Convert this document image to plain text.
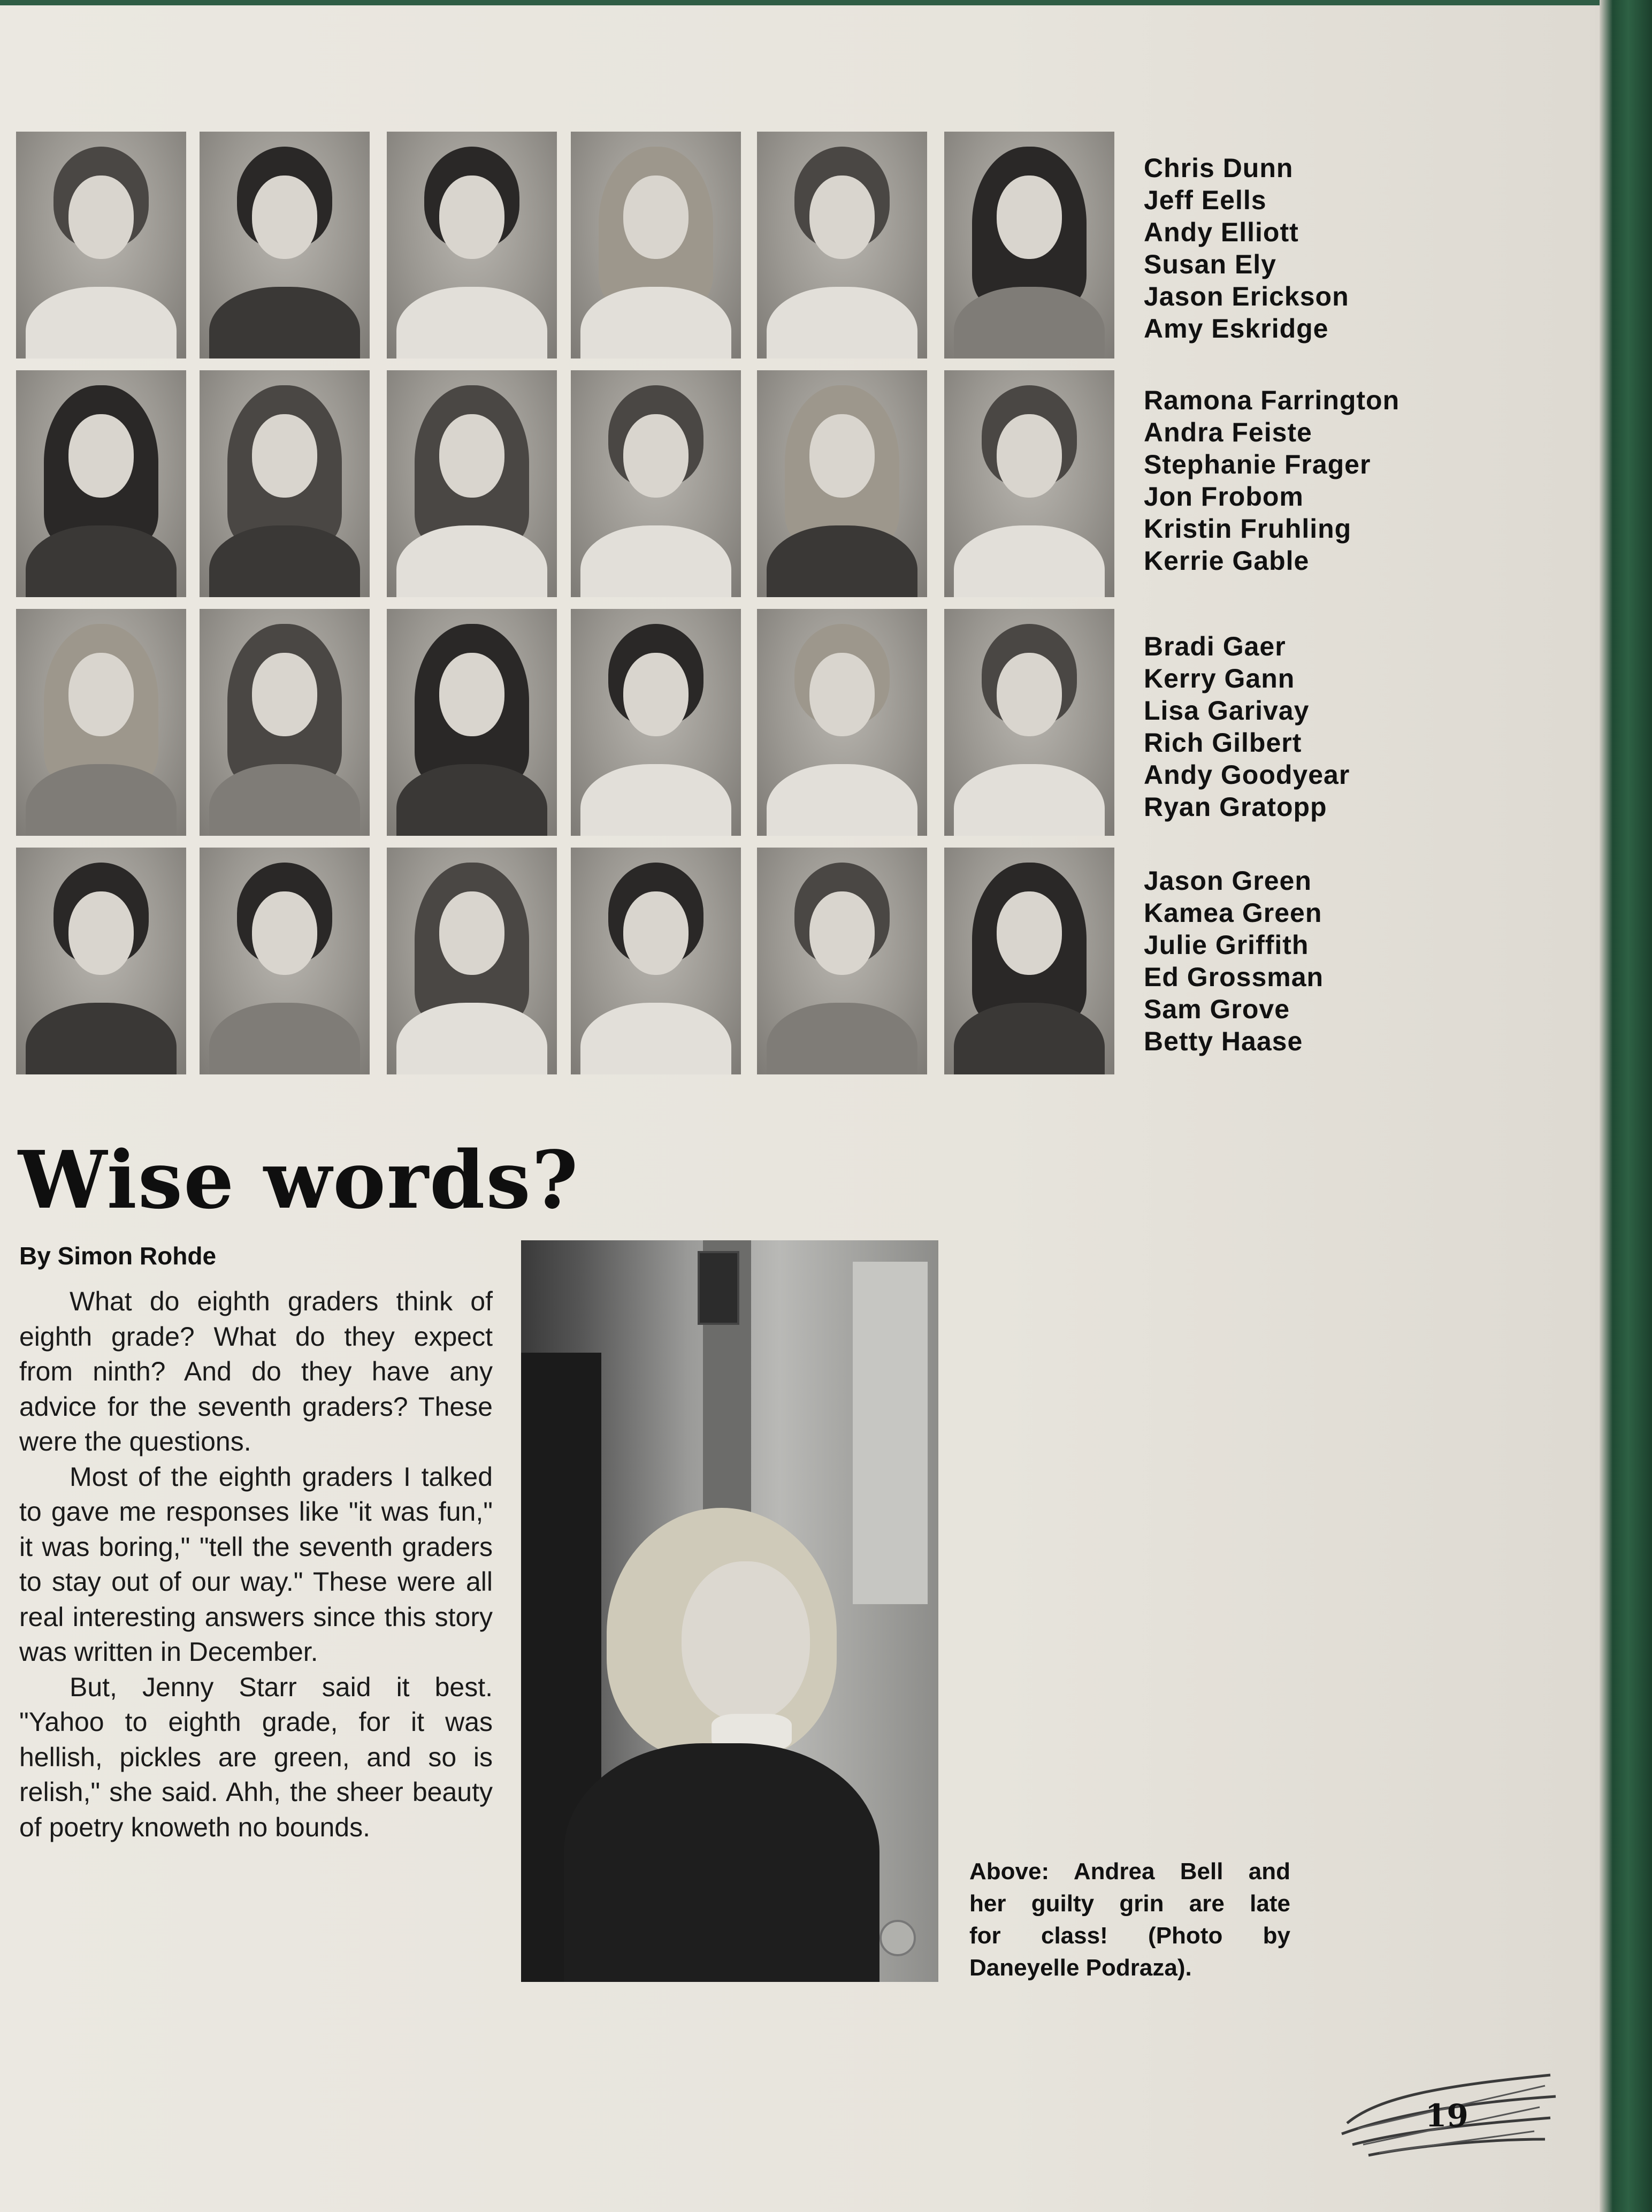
Chris Dunn
Jeff Eells
Andy Elliott
Susan Ely
Jason Erickson
Amy Eskridge
Ramona Farrington
Andra Feiste
Stephanie Frager
Jon Frobom
Kristin Fruhling
Kerrie Gable
Bradi Gaer
Kerry Gann
Lisa Garivay
Rich Gilbert
Andy Goodyear
Ryan Gratopp
Jason Green
Kamea Green
Julie Griffith
Ed Grossman
Sam Grove
Betty Haase
Wise words?
By Simon Rohde

What do eighth graders think of eighth grade? What do they expect from ninth? And do they have any advice for the seventh graders? These were the questions.

Most of the eighth graders I talked to gave me responses like "it was fun," it was boring," "tell the seventh graders to stay out of our way." These were all real interesting answers since this story was written in December.

But, Jenny Starr said it best. "Yahoo to eighth grade, for it was hellish, pickles are green, and so is relish," she said. Ahh, the sheer beauty of poetry knoweth no bounds.

Above: Andrea Bell and
her guilty grin are late
for class! (Photo by
Daneyelle Podraza).
19
